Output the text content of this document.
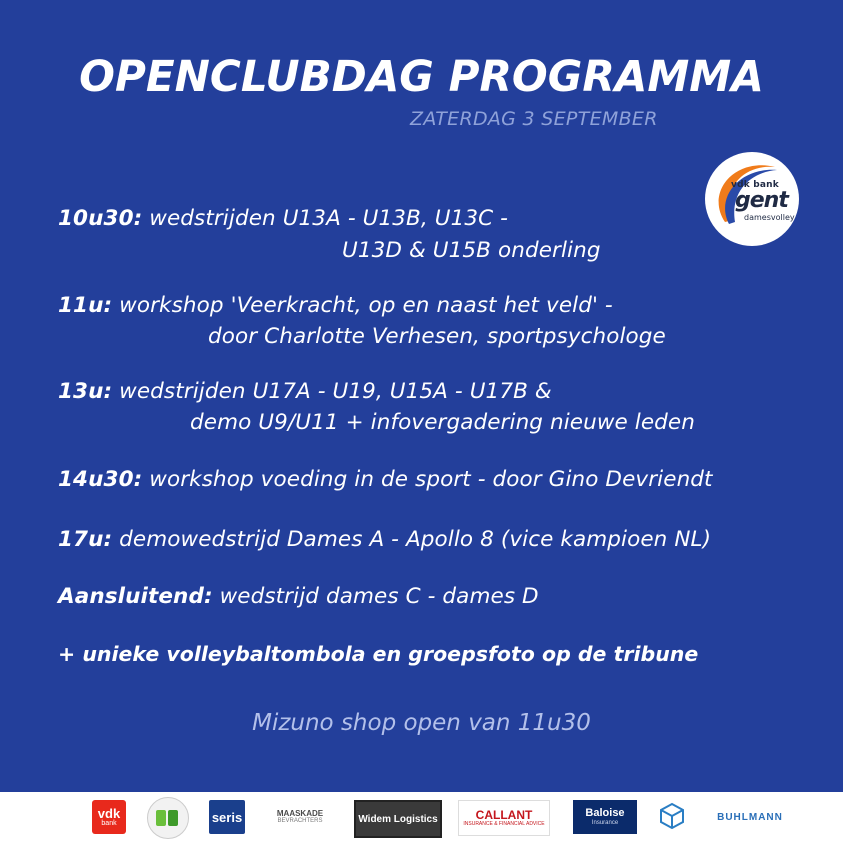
OPENCLUBDAG PROGRAMMA
ZATERDAG 3 SEPTEMBER
vdk bank
gent
damesvolley
10u30: wedstrijden U13A - U13B, U13C -
U13D & U15B onderling
11u: workshop 'Veerkracht, op en naast het veld' -
door Charlotte Verhesen, sportpsychologe
13u: wedstrijden U17A - U19, U15A - U17B &
demo U9/U11 + infovergadering nieuwe leden
14u30: workshop voeding in de sport - door Gino Devriendt
17u: demowedstrijd Dames A - Apollo 8 (vice kampioen NL)
Aansluitend: wedstrijd dames C - dames D
+ unieke volleybaltombola en groepsfoto op de tribune
Mizuno shop open van 11u30
vdk
bank	seris	MAASKADE
BEVRACHTERS	Widem Logistics	CALLANT
INSURANCE & FINANCIAL ADVICE
Baloise
Insurance
BUHLMANN
